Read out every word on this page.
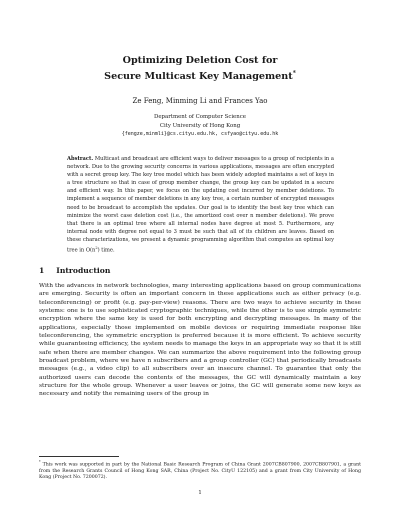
Optimizing Deletion Cost for
Secure Multicast Key Management*
Ze Feng, Minming Li and Frances Yao
Department of Computer Science
City University of Hong Kong
{fengze,minmli}@cs.cityu.edu.hk, csfyao@cityu.edu.hk
Abstract. Multicast and broadcast are efficient ways to deliver messages to a group of recipients in a network. Due to the growing security concerns in various applications, messages are often encrypted with a secret group key. The key tree model which has been widely adopted maintains a set of keys in a tree structure so that in case of group member change, the group key can be updated in a secure and efficient way. In this paper, we focus on the updating cost incurred by member deletions. To implement a sequence of member deletions in any key tree, a certain number of encrypted messages need to be broadcast to accomplish the updates. Our goal is to identify the best key tree which can minimize the worst case deletion cost (i.e., the amortized cost over n member deletions). We prove that there is an optimal tree where all internal nodes have degree at most 5. Furthermore, any internal node with degree not equal to 3 must be such that all of its children are leaves. Based on these characterizations, we present a dynamic programming algorithm that computes an optimal key tree in $O(n^2)$ time.
1 Introduction
With the advances in network technologies, many interesting applications based on group communications are emerging. Security is often an important concern in these applications such as either privacy (e.g. teleconferencing) or profit (e.g. pay-per-view) reasons. There are two ways to achieve security in these systems: one is to use sophisticated cryptographic techniques, while the other is to use simple symmetric encryption where the same key is used for both encrypting and decrypting messages. In many of the applications, especially those implemented on mobile devices or requiring immediate response like teleconferencing, the symmetric encryption is preferred because it is more efficient. To achieve security while guaranteeing efficiency, the system needs to manage the keys in an appropriate way so that it is still safe when there are member changes. We can summarize the above requirement into the following group broadcast problem, where we have n subscribers and a group controller (GC) that periodically broadcasts messages (e.g., a video clip) to all subscribers over an insecure channel. To guarantee that only the authorized users can decode the contents of the messages, the GC will dynamically maintain a key structure for the whole group. Whenever a user leaves or joins, the GC will generate some new keys as necessary and notify the remaining users of the group in
* This work was supported in part by the National Basic Research Program of China Grant 2007CB807900, 2007CB807901, a grant from the Research Grants Council of Hong Kong SAR, China (Project No. CityU 122105) and a grant from City University of Hong Kong (Project No. 7200072).
1
